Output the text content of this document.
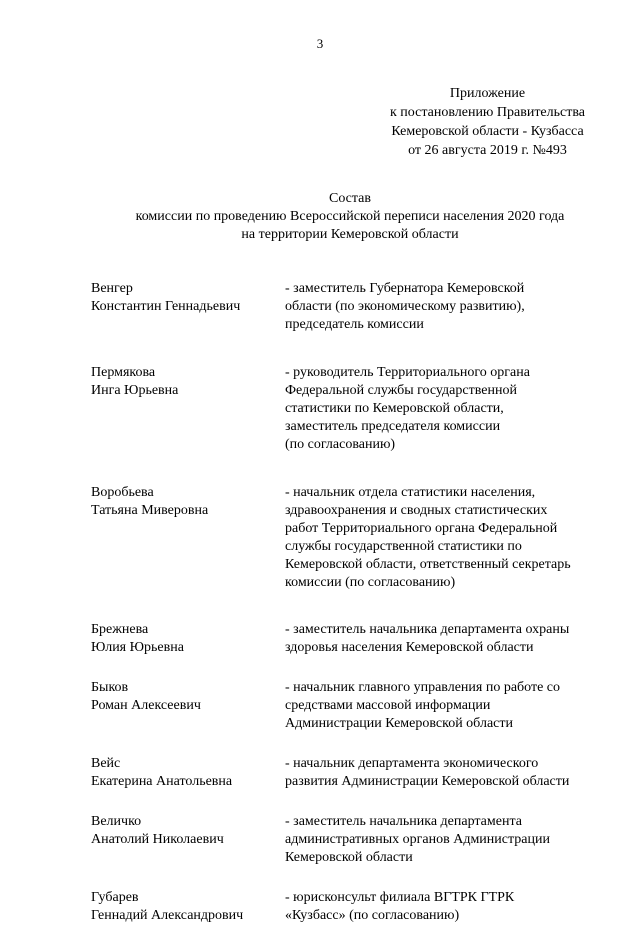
3
Приложение
к постановлению Правительства
Кемеровской области - Кузбасса
от 26 августа 2019 г. №493
Состав
комиссии по проведению Всероссийской переписи населения 2020 года
на территории Кемеровской области
Венгер
Константин Геннадьевич
- заместитель Губернатора Кемеровской
области (по экономическому развитию),
председатель комиссии
Пермякова
Инга Юрьевна
- руководитель Территориального органа
Федеральной службы государственной
статистики по Кемеровской области,
заместитель председателя комиссии
(по согласованию)
Воробьева
Татьяна Миверовна
- начальник отдела статистики населения,
здравоохранения и сводных статистических
работ Территориального органа Федеральной
службы государственной статистики по
Кемеровской области, ответственный секретарь
комиссии (по согласованию)
Брежнева
Юлия Юрьевна
- заместитель начальника департамента охраны
здоровья населения Кемеровской области
Быков
Роман Алексеевич
- начальник главного управления по работе со
средствами массовой информации
Администрации Кемеровской области
Вейс
Екатерина Анатольевна
- начальник департамента экономического
развития Администрации Кемеровской области
Величко
Анатолий Николаевич
- заместитель начальника департамента
административных органов Администрации
Кемеровской области
Губарев
Геннадий Александрович
- юрисконсульт филиала ВГТРК ГТРК
«Кузбасс» (по согласованию)
